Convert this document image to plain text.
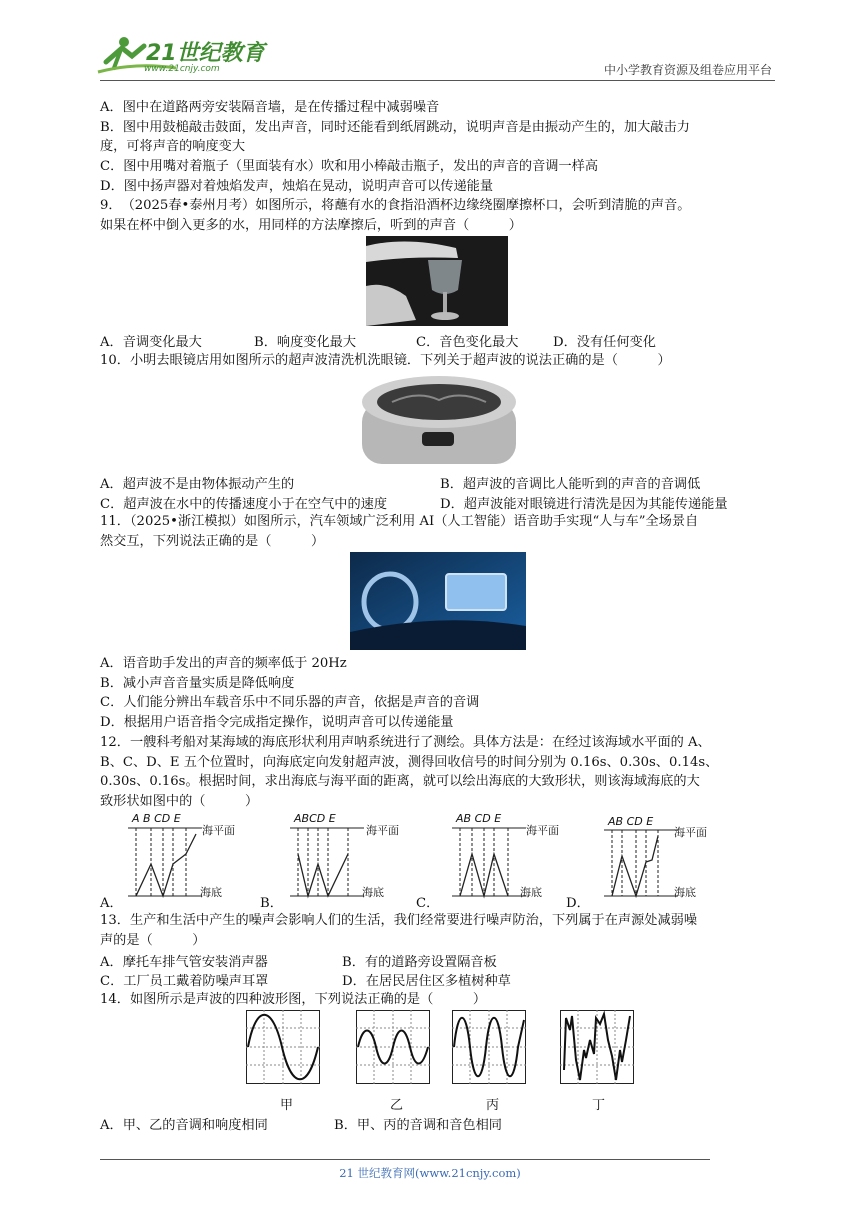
21世纪教育
www.21cnjy.com	中小学教育资源及组卷应用平台
A．图中在道路两旁安装隔音墙，是在传播过程中减弱噪音
B．图中用鼓槌敲击鼓面，发出声音，同时还能看到纸屑跳动，说明声音是由振动产生的，加大敲击力
度，可将声音的响度变大
C．图中用嘴对着瓶子（里面装有水）吹和用小棒敲击瓶子，发出的声音的音调一样高
D．图中扬声器对着烛焰发声，烛焰在晃动，说明声音可以传递能量
9．　（2025春•泰州月考）如图所示，将蘸有水的食指沿酒杯边缘绕圈摩擦杯口，会听到清脆的声音。
如果在杯中倒入更多的水，用同样的方法摩擦后，听到的声音（　　　）
A．音调变化最大	B．响度变化最大	C．音色变化最大	D．没有任何变化
10．小明去眼镜店用如图所示的超声波清洗机洗眼镜．下列关于超声波的说法正确的是（　　　）
A．超声波不是由物体振动产生的	B．超声波的音调比人能听到的声音的音调低
C．超声波在水中的传播速度小于在空气中的速度	D．超声波能对眼镜进行清洗是因为其能传递能量
11．（2025•浙江模拟）如图所示，汽车领域广泛利用 AI（人工智能）语音助手实现“人与车”全场景自
然交互，下列说法正确的是（　　　）
A．语音助手发出的声音的频率低于 20Hz
B．减小声音音量实质是降低响度
C．人们能分辨出车载音乐中不同乐器的声音，依据是声音的音调
D．根据用户语音指令完成指定操作，说明声音可以传递能量
12．一艘科考船对某海域的海底形状利用声呐系统进行了测绘。具体方法是：在经过该海域水平面的 A、
B、C、D、E 五个位置时，向海底定向发射超声波，测得回收信号的时间分别为 0.16s、0.30s、0.14s、
0.30s、0.16s。根据时间，求出海底与海平面的距离，就可以绘出海底的大致形状，则该海域海底的大
致形状如图中的（　　　）
A B CD E
海平面
海底
ABCD E
海平面
海底
AB CD E
海平面
海底
AB CD E
海平面
海底
A．	B．	C．	D．
13．生产和生活中产生的噪声会影响人们的生活，我们经常要进行噪声防治，下列属于在声源处减弱噪
声的是（　　　）
A．摩托车排气管安装消声器	B．有的道路旁设置隔音板
C．工厂员工戴着防噪声耳罩	D．在居民居住区多植树种草
14．如图所示是声波的四种波形图，下列说法正确的是（　　　）
甲	乙	丙	丁
A．甲、乙的音调和响度相同	B．甲、丙的音调和音色相同
21 世纪教育网(www.21cnjy.com)
